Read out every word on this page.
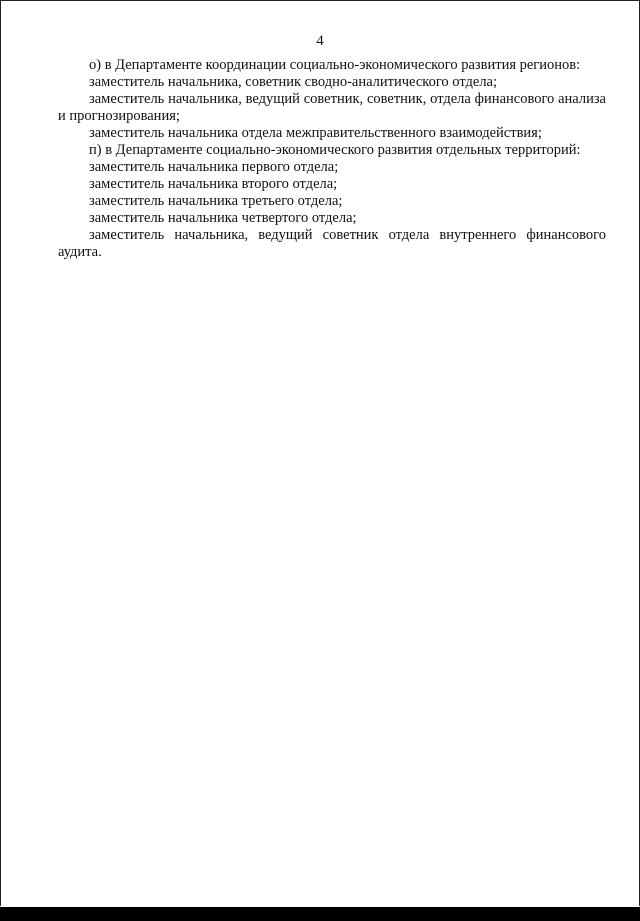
4

о) в Департаменте координации социально-экономического развития регионов:

заместитель начальника, советник сводно-аналитического отдела;

заместитель начальника, ведущий советник, советник, отдела финансового анализа и прогнозирования;

заместитель начальника отдела межправительственного взаимодействия;

п) в Департаменте социально-экономического развития отдельных территорий:

заместитель начальника первого отдела;

заместитель начальника второго отдела;

заместитель начальника третьего отдела;

заместитель начальника четвертого отдела;

заместитель начальника, ведущий советник отдела внутреннего финансового аудита.
